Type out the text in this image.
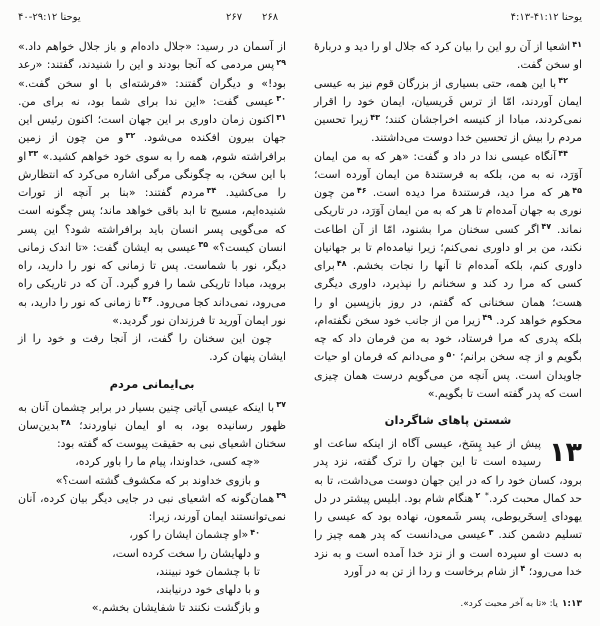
یوحنا ۱۲:‏۲۹-‏۴۰	۲۶۷ ۲۶۸	یوحنا ۱۲:‏۴۱-‏۱۳:‏۴

از آسمان در رسید: «جلال داده‌ام و باز جلال خواهم داد.» $^{۲۹}$پس مردمی که آنجا بودند و این را شنیدند، گفتند: «رعد بود!» و دیگران گفتند: «فرشته‌ای با او سخن گفت.» $^{۳۰}$عیسی گفت: «این ندا برای شما بود، نه برای من. $^{۳۱}$اکنون زمان داوری بر این جهان است؛ اکنون رئیس این جهان بیرون افکنده می‌شود. $^{۳۲}$و من چون از زمین برافراشته شوم، همه را به سوی خود خواهم کشید.» $^{۳۳}$او با این سخن، به چگونگی مرگی اشاره می‌کرد که انتظارش را می‌کشید. $^{۳۴}$مردم گفتند: «بنا بر آنچه از تورات شنیده‌ایم، مسیح تا ابد باقی خواهد ماند؛ پس چگونه است که می‌گویی پسر انسان باید برافراشته شود؟ این پسر انسان کیست؟» $^{۳۵}$عیسی به ایشان گفت: «تا اندک زمانی دیگر، نور با شماست. پس تا زمانی که نور را دارید، راه بروید، مبادا تاریکی شما را فرو گیرد. آن که در تاریکی راه می‌رود، نمی‌داند کجا می‌رود. $^{۳۶}$تا زمانی که نور را دارید، به نور ایمان آورید تا فرزندان نور گردید.»

چون این سخنان را گفت، از آنجا رفت و خود را از ایشان پنهان کرد.

بی‌ایمانی مردم

$^{۳۷}$با اینکه عیسی آیاتی چنین بسیار در برابر چشمان آنان به ظهور رسانیده بود، به او ایمان نیاوردند؛ $^{۳۸}$بدین‌سان سخنان اشعیای نبی به حقیقت پیوست که گفته بود:

«چه کسی، خداوندا، پیام ما را باور کرده،
و بازوی خداوند بر که مکشوف گشته است؟»

$^{۳۹}$همان‌گونه که اشعیای نبی در جایی دیگر بیان کرده، آنان نمی‌توانستند ایمان آورند، زیرا:

$^{۴۰}$«او چشمان ایشان را کور،
و دلهایشان را سخت کرده است،
تا با چشمان خود نبینند،
و با دلهای خود درنیابند،
و بازگشت نکنند تا شفایشان بخشم.»

$^{۴۱}$اشعیا از آن رو این را بیان کرد که جلال او را دید و دربارهٔ او سخن گفت.

$^{۴۲}$با این همه، حتی بسیاری از بزرگان قوم نیز به عیسی ایمان آوردند، امّا از ترس فَریسیان، ایمان خود را اقرار نمی‌کردند، مبادا از کنیسه اخراجشان کنند؛ $^{۴۳}$زیرا تحسین مردم را بیش از تحسین خدا دوست می‌داشتند.

$^{۴۴}$آنگاه عیسی ندا در داد و گفت: «هر که به من ایمان آوَرَد، نه به من، بلکه به فرستندهٔ من ایمان آورده است؛ $^{۴۵}$هر که مرا دید، فرستندهٔ مرا دیده است. $^{۴۶}$من چون نوری به جهان آمده‌ام تا هر که به من ایمان آوَرَد، در تاریکی نماند. $^{۴۷}$اگر کسی سخنان مرا بشنود، امّا از آن اطاعت نکند، من بر او داوری نمی‌کنم؛ زیرا نیامده‌ام تا بر جهانیان داوری کنم، بلکه آمده‌ام تا آنها را نجات بخشم. $^{۴۸}$برای کسی که مرا رد کند و سخنانم را نپذیرد، داوری دیگری هست؛ همان سخنانی که گفتم، در روز بازپسین او را محکوم خواهد کرد. $^{۴۹}$زیرا من از جانب خود سخن نگفته‌ام، بلکه پدری که مرا فرستاد، خود به من فرمان داد که چه بگویم و از چه سخن برانم؛ $^{۵۰}$و می‌دانم که فرمان او حیات جاویدان است. پس آنچه من می‌گویم درست همان چیزی است که پدر گفته است تا بگویم.»

شستن پاهای شاگردان

۱۳
پیش از عید پِسَخ، عیسی آگاه از اینکه ساعت او رسیده است تا این جهان را ترک گفته، نزد پدر برود، کسان خود را که در این جهان دوست می‌داشت، تا به حد کمال محبت کرد.* $^۲$هنگام شام بود. ابلیس پیشتر در دل یهودای اِسخَریوطی، پسر شَمعون، نهاده بود که عیسی را تسلیم دشمن کند. $^۳$عیسی می‌دانست که پدر همه چیز را به دست او سپرده است و از نزد خدا آمده است و به نزد خدا می‌رود؛ $^۴$از شام برخاست و ردا از تن به در آورد

۱۳:‏۱یا: «تا به آخر محبت کرد».
